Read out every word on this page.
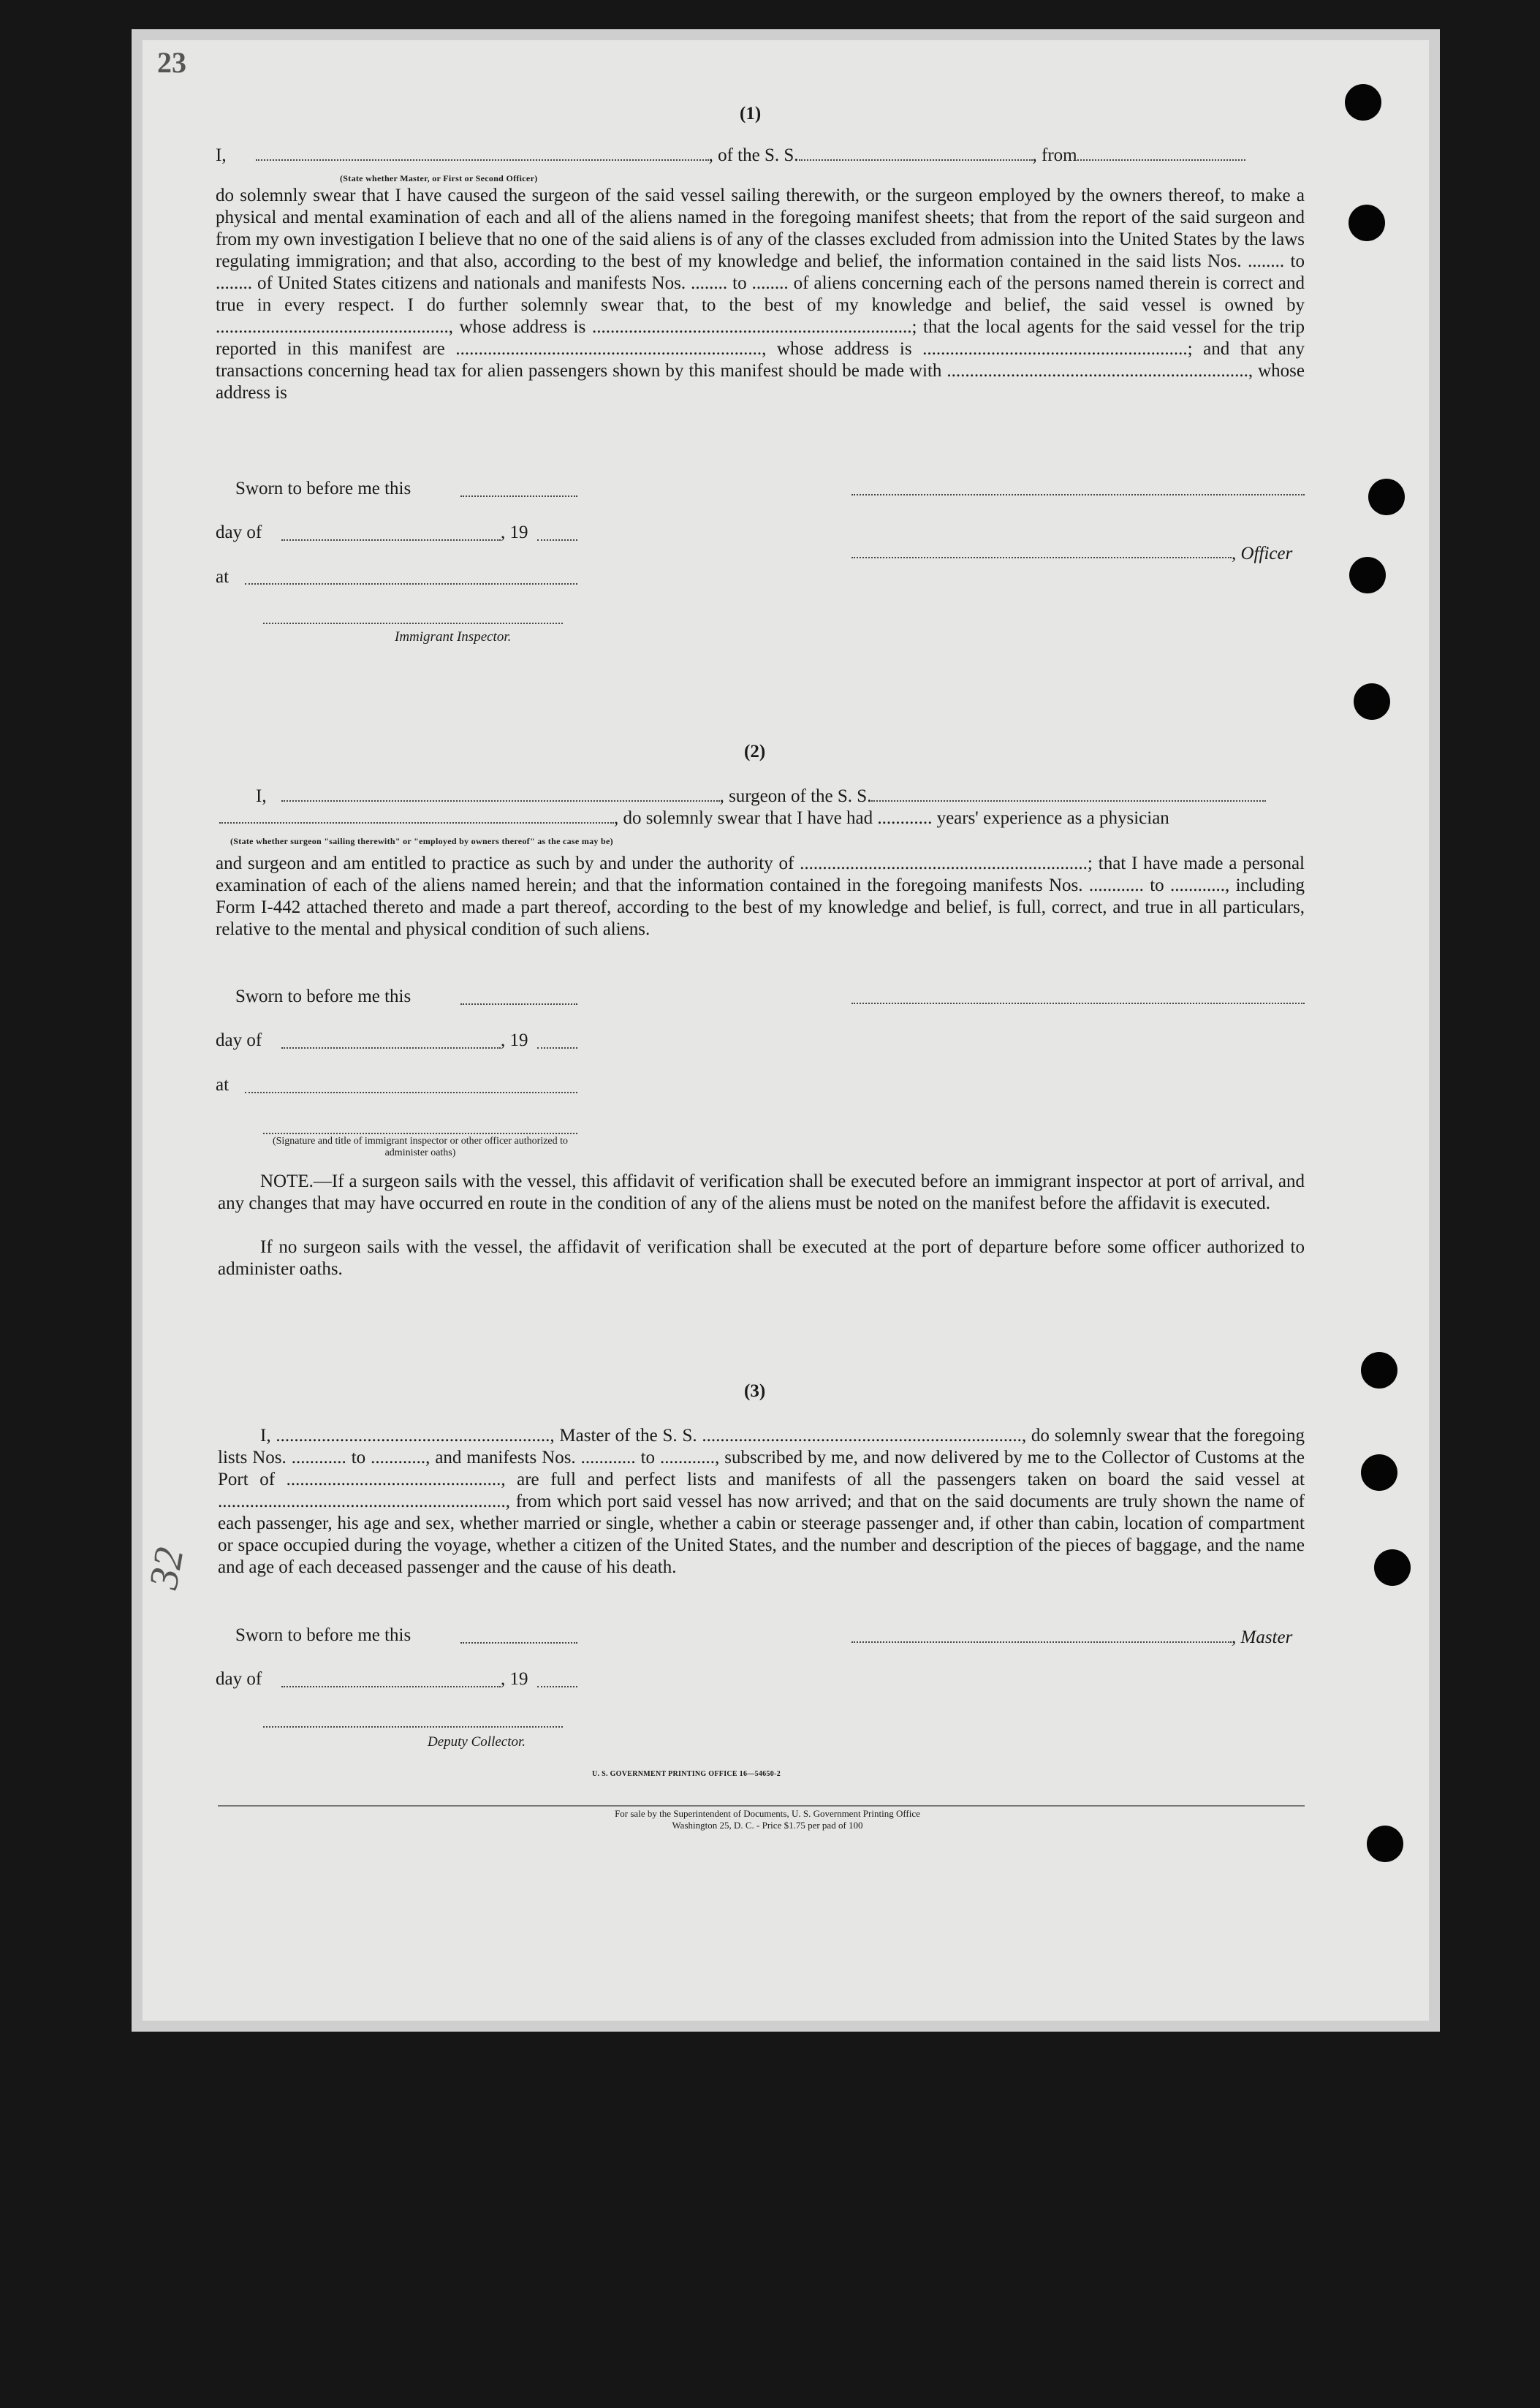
23
(1)
I,	, of the S. S.	, from
(State whether Master, or First or Second Officer)
do solemnly swear that I have caused the surgeon of the said vessel sailing therewith, or the surgeon employed by the owners thereof, to make a physical and mental examination of each and all of the aliens named in the foregoing manifest sheets; that from the report of the said surgeon and from my own investigation I believe that no one of the said aliens is of any of the classes excluded from admission into the United States by the laws regulating immigration; and that also, according to the best of my knowledge and belief, the information contained in the said lists Nos. ........ to ........ of United States citizens and nationals and manifests Nos. ........ to ........ of aliens concerning each of the persons named therein is correct and true in every respect. I do further solemnly swear that, to the best of my knowledge and belief, the said vessel is owned by ..................................................., whose address is ......................................................................; that the local agents for the said vessel for the trip reported in this manifest are ..................................................................., whose address is ..........................................................; and that any transactions concerning head tax for alien passengers shown by this manifest should be made with .................................................................., whose address is
Sworn to before me this
day of	, 19
, Officer
at
Immigrant Inspector.
(2)
I,	, surgeon of the S. S.
, do solemnly swear that I have had ............ years' experience as a physician
(State whether surgeon "sailing therewith" or "employed by owners thereof" as the case may be)
and surgeon and am entitled to practice as such by and under the authority of ...............................................................; that I have made a personal examination of each of the aliens named herein; and that the information contained in the foregoing manifests Nos. ............ to ............, including Form I-442 attached thereto and made a part thereof, according to the best of my knowledge and belief, is full, correct, and true in all particulars, relative to the mental and physical condition of such aliens.
Sworn to before me this
day of	, 19
at
(Signature and title of immigrant inspector or other officer authorized to administer oaths)
NOTE.—If a surgeon sails with the vessel, this affidavit of verification shall be executed before an immigrant inspector at port of arrival, and any changes that may have occurred en route in the condition of any of the aliens must be noted on the manifest before the affidavit is executed.
If no surgeon sails with the vessel, the affidavit of verification shall be executed at the port of departure before some officer authorized to administer oaths.
(3)
I, ............................................................, Master of the S. S. ......................................................................, do solemnly swear that the foregoing lists Nos. ............ to ............, and manifests Nos. ............ to ............, subscribed by me, and now delivered by me to the Collector of Customs at the Port of ..............................................., are full and perfect lists and manifests of all the passengers taken on board the said vessel at ..............................................................., from which port said vessel has now arrived; and that on the said documents are truly shown the name of each passenger, his age and sex, whether married or single, whether a cabin or steerage passenger and, if other than cabin, location of compartment or space occupied during the voyage, whether a citizen of the United States, and the number and description of the pieces of baggage, and the name and age of each deceased passenger and the cause of his death.
Sworn to before me this	, Master
day of	, 19
Deputy Collector.
U. S. GOVERNMENT PRINTING OFFICE 16—54650-2
For sale by the Superintendent of Documents, U. S. Government Printing Office
Washington 25, D. C. - Price $1.75 per pad of 100
32
